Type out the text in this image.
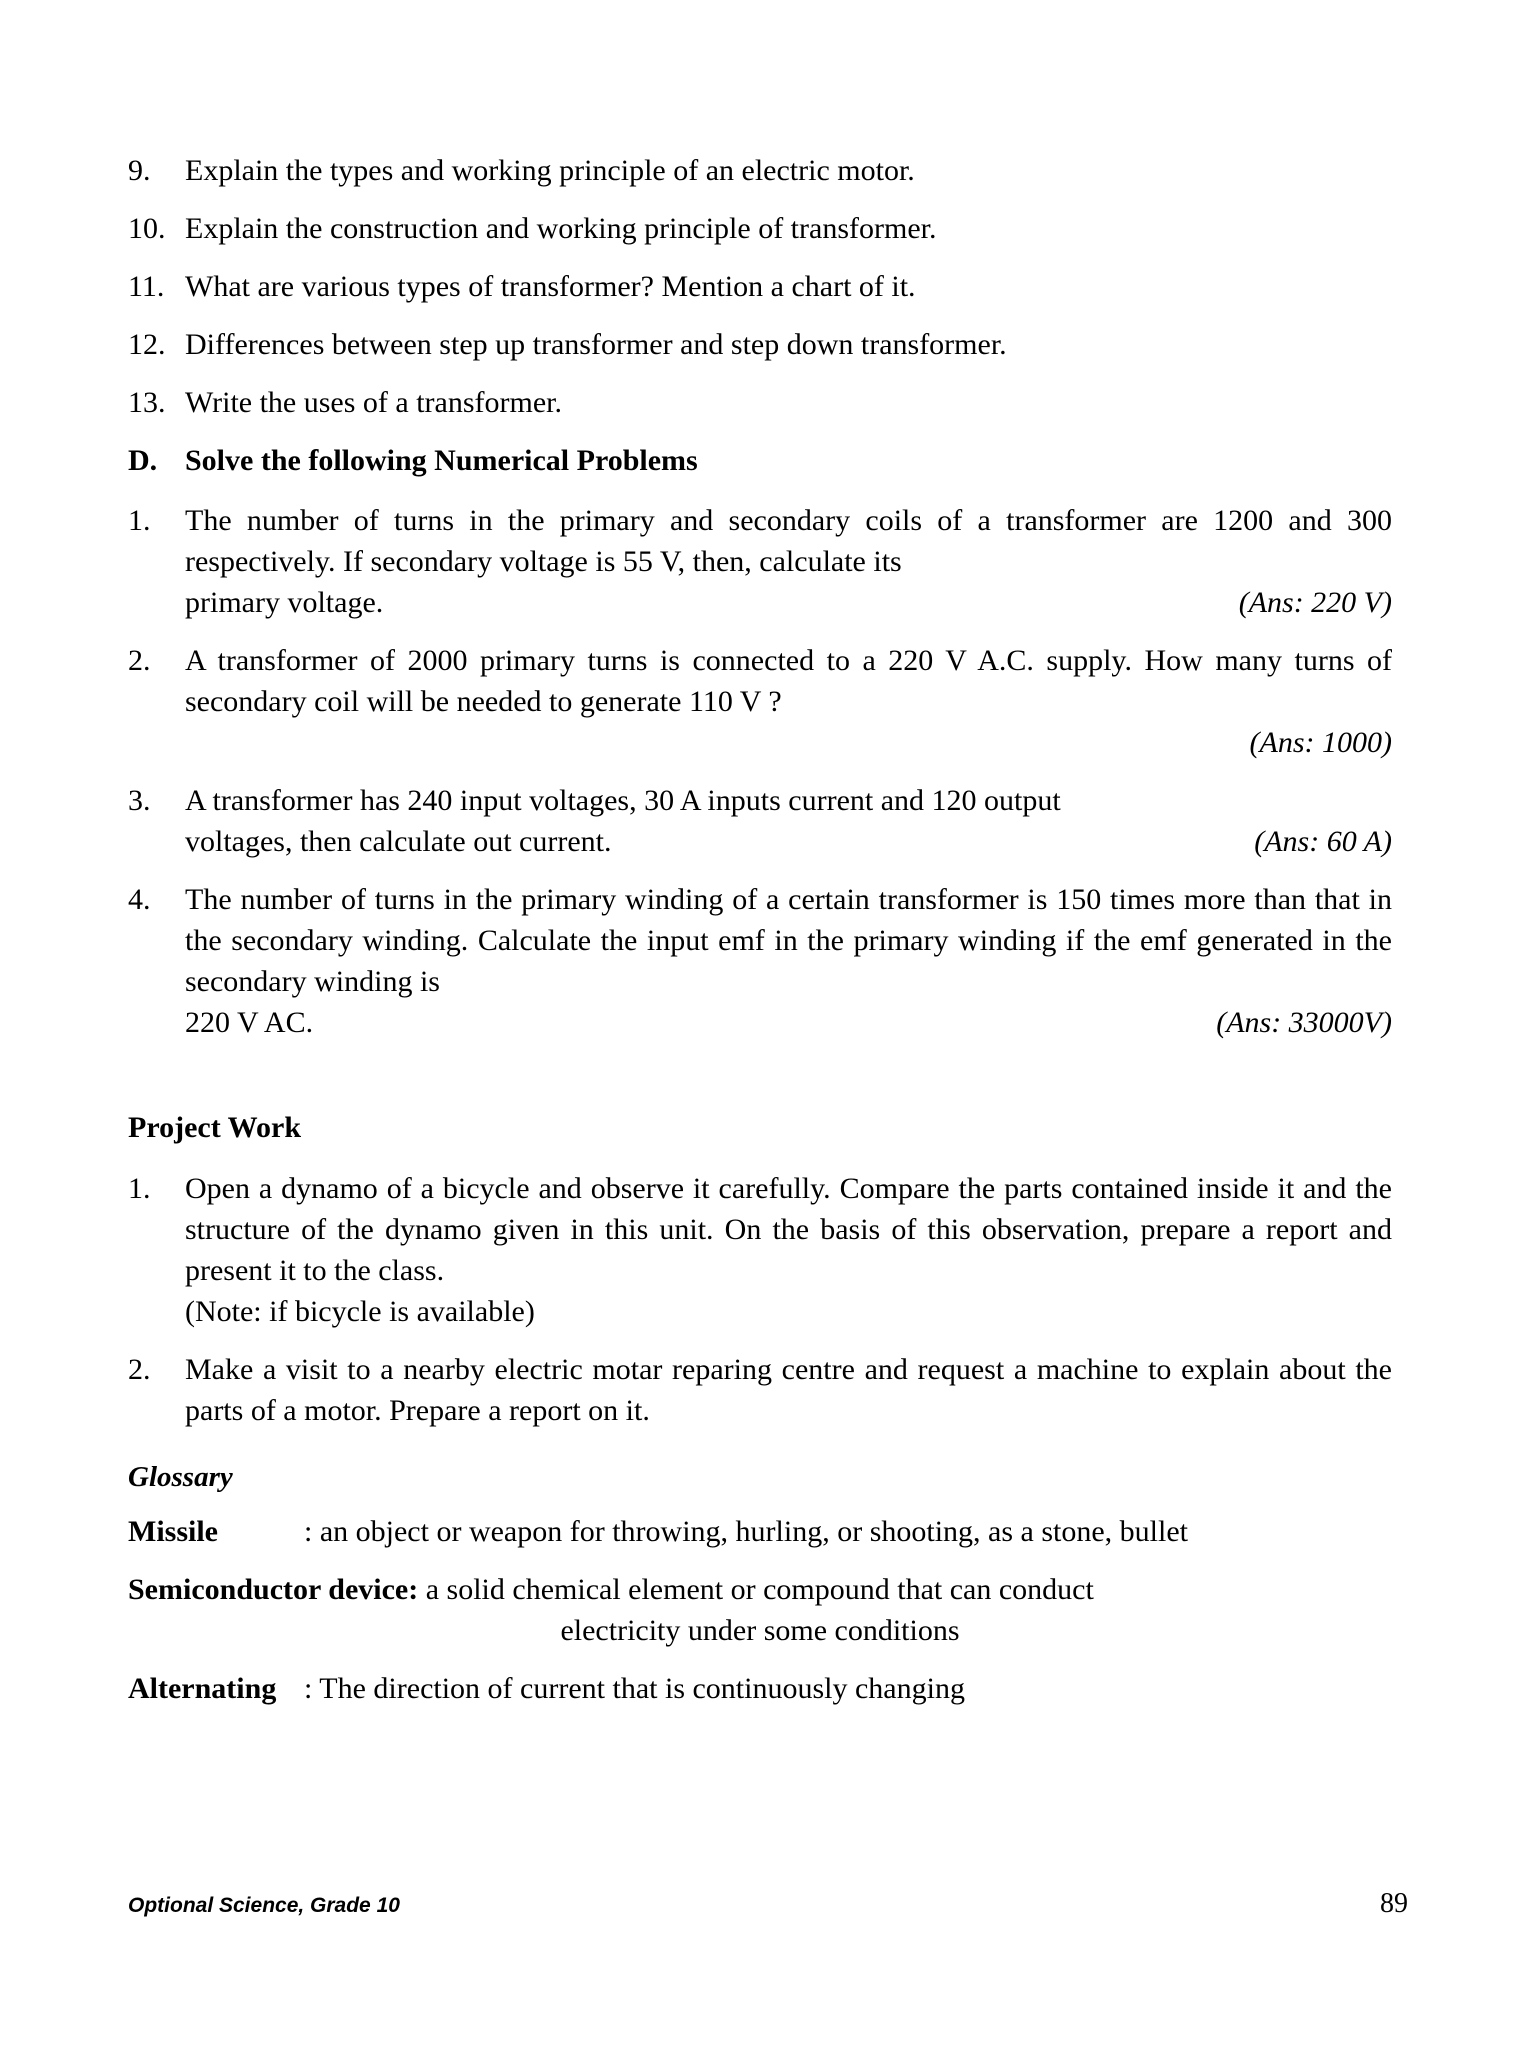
9.	Explain the types and working principle of an electric motor.
10. Explain the construction and working principle of transformer.
11. What are various types of transformer? Mention a chart of it.
12. Differences between step up transformer and step down transformer.
13. Write the uses of a transformer.
D. Solve the following Numerical Problems
1.	The number of turns in the primary and secondary coils of a transformer are 1200 and 300 respectively. If secondary voltage is 55 V, then, calculate its
primary voltage.	(Ans: 220 V)
2.	A transformer of 2000 primary turns is connected to a 220 V A.C. supply. How many turns of secondary coil will be needed to generate 110 V ?
(Ans: 1000)
3.	A transformer has 240 input voltages, 30 A inputs current and 120 output
voltages, then calculate out current.	(Ans: 60 A)
4.	The number of turns in the primary winding of a certain transformer is 150 times more than that in the secondary winding. Calculate the input emf in the primary winding if the emf generated in the secondary winding is
220 V AC.	(Ans: 33000V)
Project Work
1.	Open a dynamo of a bicycle and observe it carefully. Compare the parts contained inside it and the structure of the dynamo given in this unit. On the basis of this observation, prepare a report and present it to the class.
(Note: if bicycle is available)
2.	Make a visit to a nearby electric motar reparing centre and request a machine to explain about the parts of a motor. Prepare a report on it.
Glossary
Missile	: an object or weapon for throwing, hurling, or shooting, as a stone, bullet
Semiconductor device: a solid chemical element or compound that can conduct
electricity under some conditions
Alternating : The direction of current that is continuously changing
Optional Science, Grade 10	89
